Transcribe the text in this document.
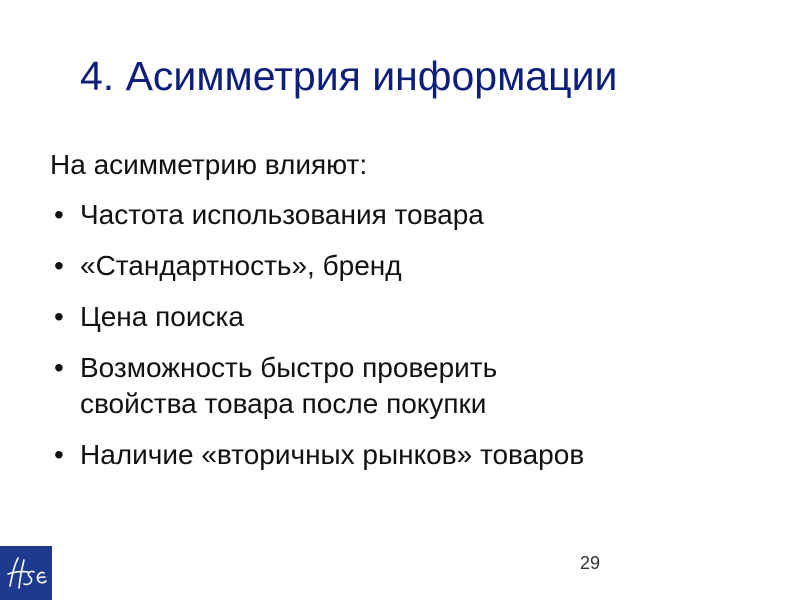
4. Асимметрия информации
На асимметрию влияют:
• Частота использования товара
• «Стандартность», бренд
• Цена поиска
• Возможность быстро проверить свойства товара после покупки
• Наличие «вторичных рынков» товаров
29
